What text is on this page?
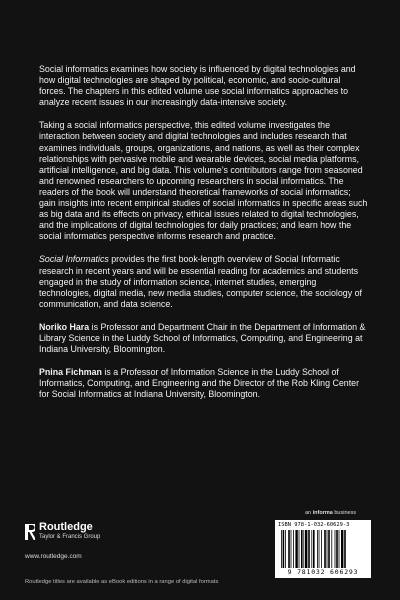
Social informatics examines how society is influenced by digital technologies and how digital technologies are shaped by political, economic, and socio-cultural forces. The chapters in this edited volume use social informatics approaches to analyze recent issues in our increasingly data-intensive society.

Taking a social informatics perspective, this edited volume investigates the interaction between society and digital technologies and includes research that examines individuals, groups, organizations, and nations, as well as their complex relationships with pervasive mobile and wearable devices, social media platforms, artificial intelligence, and big data. This volume’s contributors range from seasoned and renowned researchers to upcoming researchers in social informatics. The readers of the book will understand theoretical frameworks of social informatics; gain insights into recent empirical studies of social informatics in specific areas such as big data and its effects on privacy, ethical issues related to digital technologies, and the implications of digital technologies for daily practices; and learn how the social informatics perspective informs research and practice.

Social Informatics provides the first book-length overview of Social Informatic research in recent years and will be essential reading for academics and students engaged in the study of information science, internet studies, emerging technologies, digital media, new media studies, computer science, the sociology of communication, and data science.

Noriko Hara is Professor and Department Chair in the Department of Information & Library Science in the Luddy School of Informatics, Computing, and Engineering at Indiana University, Bloomington.

Pnina Fichman is a Professor of Information Science in the Luddy School of Informatics, Computing, and Engineering and the Director of the Rob Kling Center for Social Informatics at Indiana University, Bloomington.

Routledge
Taylor & Francis Group
www.routledge.com
Routledge titles are available as eBook editions in a range of digital formats
an informa business
ISBN 978-1-032-60629-3
9 781032 606293
